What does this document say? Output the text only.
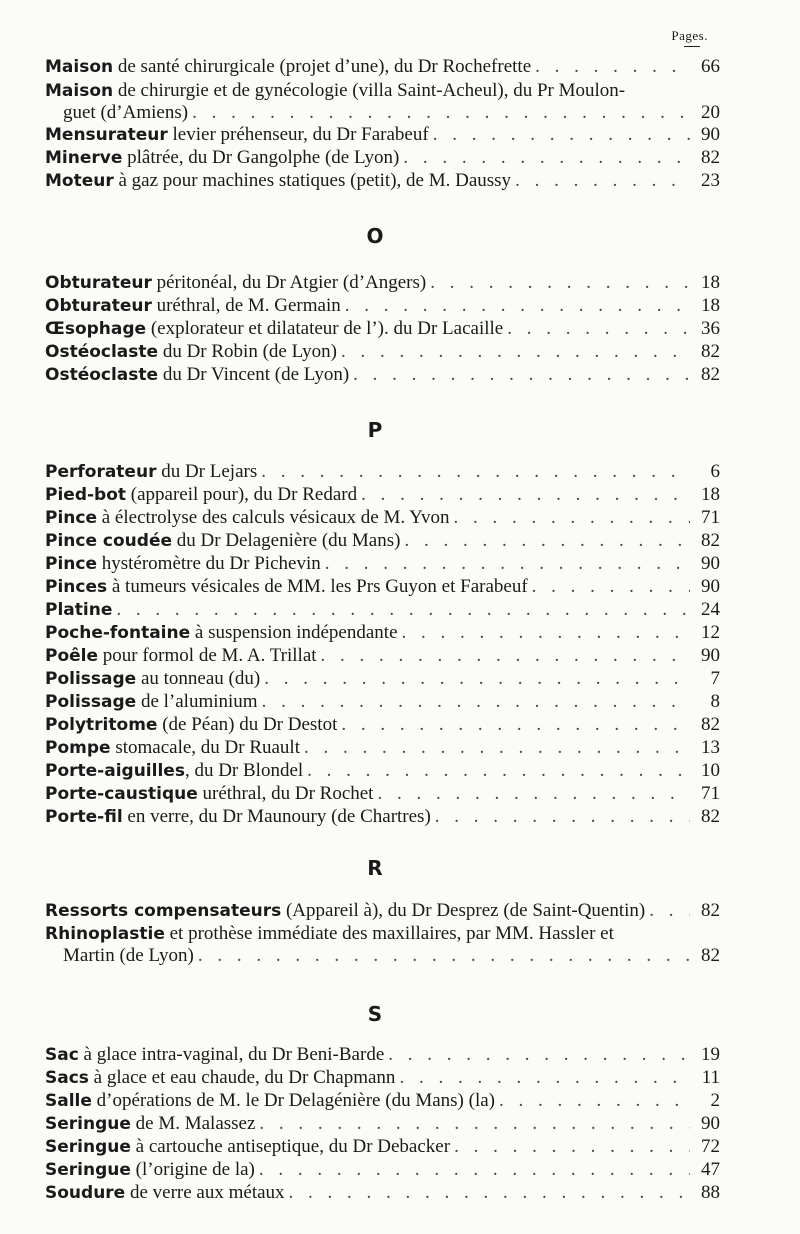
Pages.
Maison de santé chirurgicale (projet d’une), du Dr Rochefrette . . .	66
Maison de chirurgie et de gynécologie (villa Saint-Acheul), du Pr Moulon-
guet (d’Amiens) . . .	20
Mensurateur levier préhenseur, du Dr Farabeuf . . .	90
Minerve plâtrée, du Dr Gangolphe (de Lyon) . . .	82
Moteur à gaz pour machines statiques (petit), de M. Daussy . . .	23
O
Obturateur péritonéal, du Dr Atgier (d’Angers) . . .	18
Obturateur uréthral, de M. Germain . . .	18
Œsophage (explorateur et dilatateur de l’). du Dr Lacaille . . .	36
Ostéoclaste du Dr Robin (de Lyon) . . .	82
Ostéoclaste du Dr Vincent (de Lyon) . . .	82
P
Perforateur du Dr Lejars . . .	6
Pied-bot (appareil pour), du Dr Redard . . .	18
Pince à électrolyse des calculs vésicaux de M. Yvon . . .	71
Pince coudée du Dr Delagenière (du Mans) . . .	82
Pince hystéromètre du Dr Pichevin . . .	90
Pinces à tumeurs vésicales de MM. les Prs Guyon et Farabeuf . . .	90
Platine . . .	24
Poche-fontaine à suspension indépendante . . .	12
Poêle pour formol de M. A. Trillat . . .	90
Polissage au tonneau (du) . . .	7
Polissage de l’aluminium . . .	8
Polytritome (de Péan) du Dr Destot . . .	82
Pompe stomacale, du Dr Ruault . . .	13
Porte-aiguilles, du Dr Blondel . . .	10
Porte-caustique uréthral, du Dr Rochet . . .	71
Porte-fil en verre, du Dr Maunoury (de Chartres) . . .	82
R
Ressorts compensateurs (Appareil à), du Dr Desprez (de Saint-Quentin) . . .	82
Rhinoplastie et prothèse immédiate des maxillaires, par MM. Hassler et
Martin (de Lyon) . . .	82
S
Sac à glace intra-vaginal, du Dr Beni-Barde . . .	19
Sacs à glace et eau chaude, du Dr Chapmann . . .	11
Salle d’opérations de M. le Dr Delagénière (du Mans) (la) . . .	2
Seringue de M. Malassez . . .	90
Seringue à cartouche antiseptique, du Dr Debacker . . .	72
Seringue (l’origine de la) . . .	47
Soudure de verre aux métaux . . .	88
